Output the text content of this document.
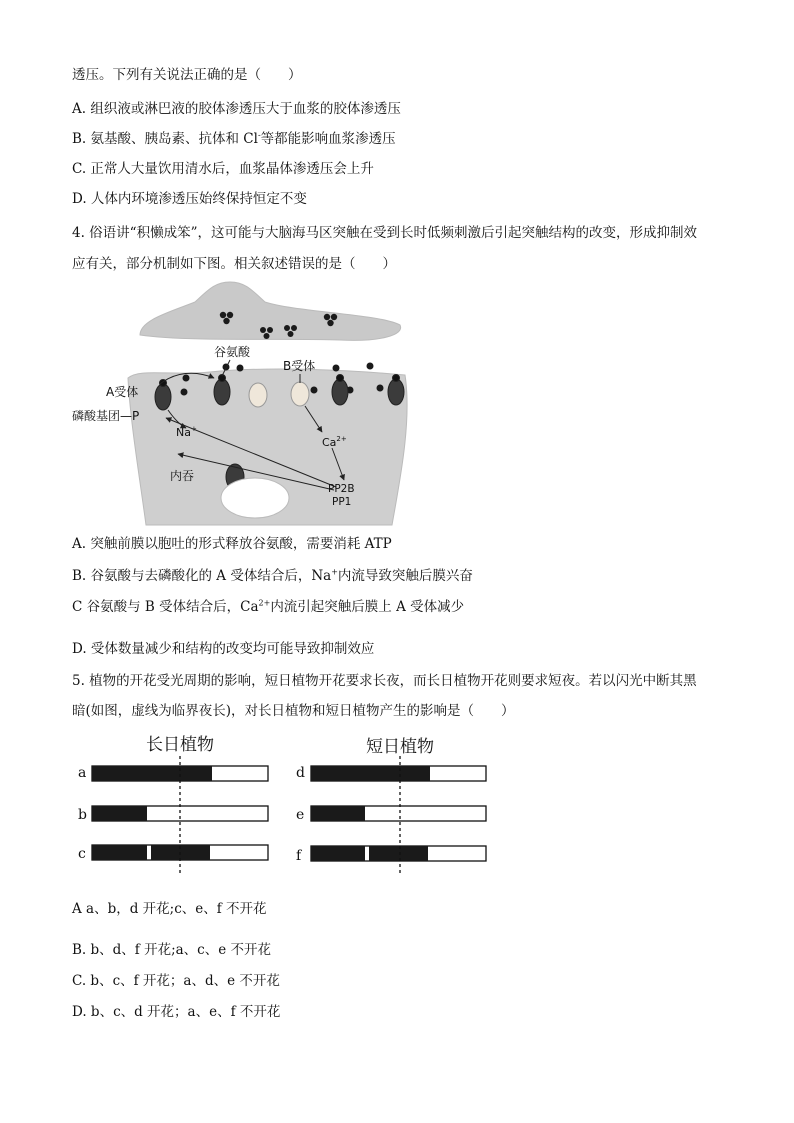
透压。下列有关说法正确的是（　　）
A. 组织液或淋巴液的胶体渗透压大于血浆的胶体渗透压
B. 氨基酸、胰岛素、抗体和 Cl-等都能影响血浆渗透压
C. 正常人大量饮用清水后，血浆晶体渗透压会上升
D. 人体内环境渗透压始终保持恒定不变
4. 俗语讲“积懒成笨”，这可能与大脑海马区突触在受到长时低频刺激后引起突触结构的改变，形成抑制效
应有关，部分机制如下图。相关叙述错误的是（　　）
谷氨酸
B受体
A受体
磷酸基团—P
Na+
$Ca^{2+}$
内吞
PP2B
PP1
A. 突触前膜以胞吐的形式释放谷氨酸，需要消耗 ATP
B. 谷氨酸与去磷酸化的 A 受体结合后，Na+内流导致突触后膜兴奋
C 谷氨酸与 B 受体结合后，$Ca^{2+}$内流引起突触后膜上 A 受体减少
D. 受体数量减少和结构的改变均可能导致抑制效应
5. 植物的开花受光周期的影响，短日植物开花要求长夜，而长日植物开花则要求短夜。若以闪光中断其黑
暗(如图，虚线为临界夜长)，对长日植物和短日植物产生的影响是（　　）
长日植物	短日植物
a
b
c
d
e
f
A a、b，d 开花;c、e、f 不开花
B. b、d、f 开花;a、c、e 不开花
C. b、c、f 开花；a、d、e 不开花
D. b、c、d 开花；a、e、f 不开花
